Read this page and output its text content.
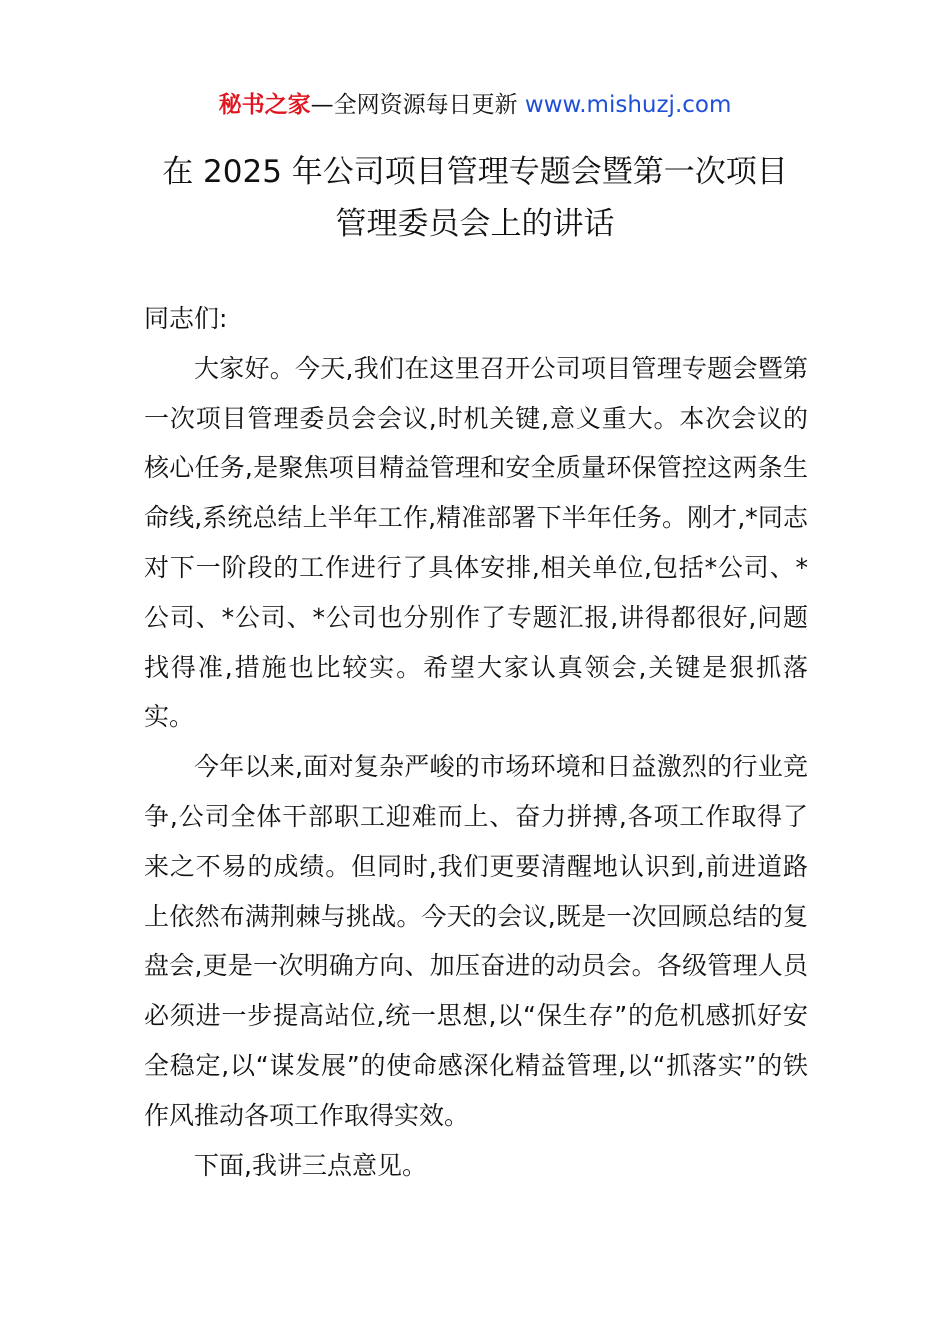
秘书之家—全网资源每日更新 www.mishuzj.com
在 2025 年公司项目管理专题会暨第一次项目
管理委员会上的讲话

同志们:

大家好。今天,我们在这里召开公司项目管理专题会暨第一次项目管理委员会会议,时机关键,意义重大。本次会议的核心任务,是聚焦项目精益管理和安全质量环保管控这两条生命线,系统总结上半年工作,精准部署下半年任务。刚才,*同志对下一阶段的工作进行了具体安排,相关单位,包括*公司、*公司、*公司、*公司也分别作了专题汇报,讲得都很好,问题找得准,措施也比较实。希望大家认真领会,关键是狠抓落实。

今年以来,面对复杂严峻的市场环境和日益激烈的行业竞争,公司全体干部职工迎难而上、奋力拼搏,各项工作取得了来之不易的成绩。但同时,我们更要清醒地认识到,前进道路上依然布满荆棘与挑战。今天的会议,既是一次回顾总结的复盘会,更是一次明确方向、加压奋进的动员会。各级管理人员必须进一步提高站位,统一思想,以“保生存”的危机感抓好安全稳定,以“谋发展”的使命感深化精益管理,以“抓落实”的铁作风推动各项工作取得实效。

下面,我讲三点意见。
